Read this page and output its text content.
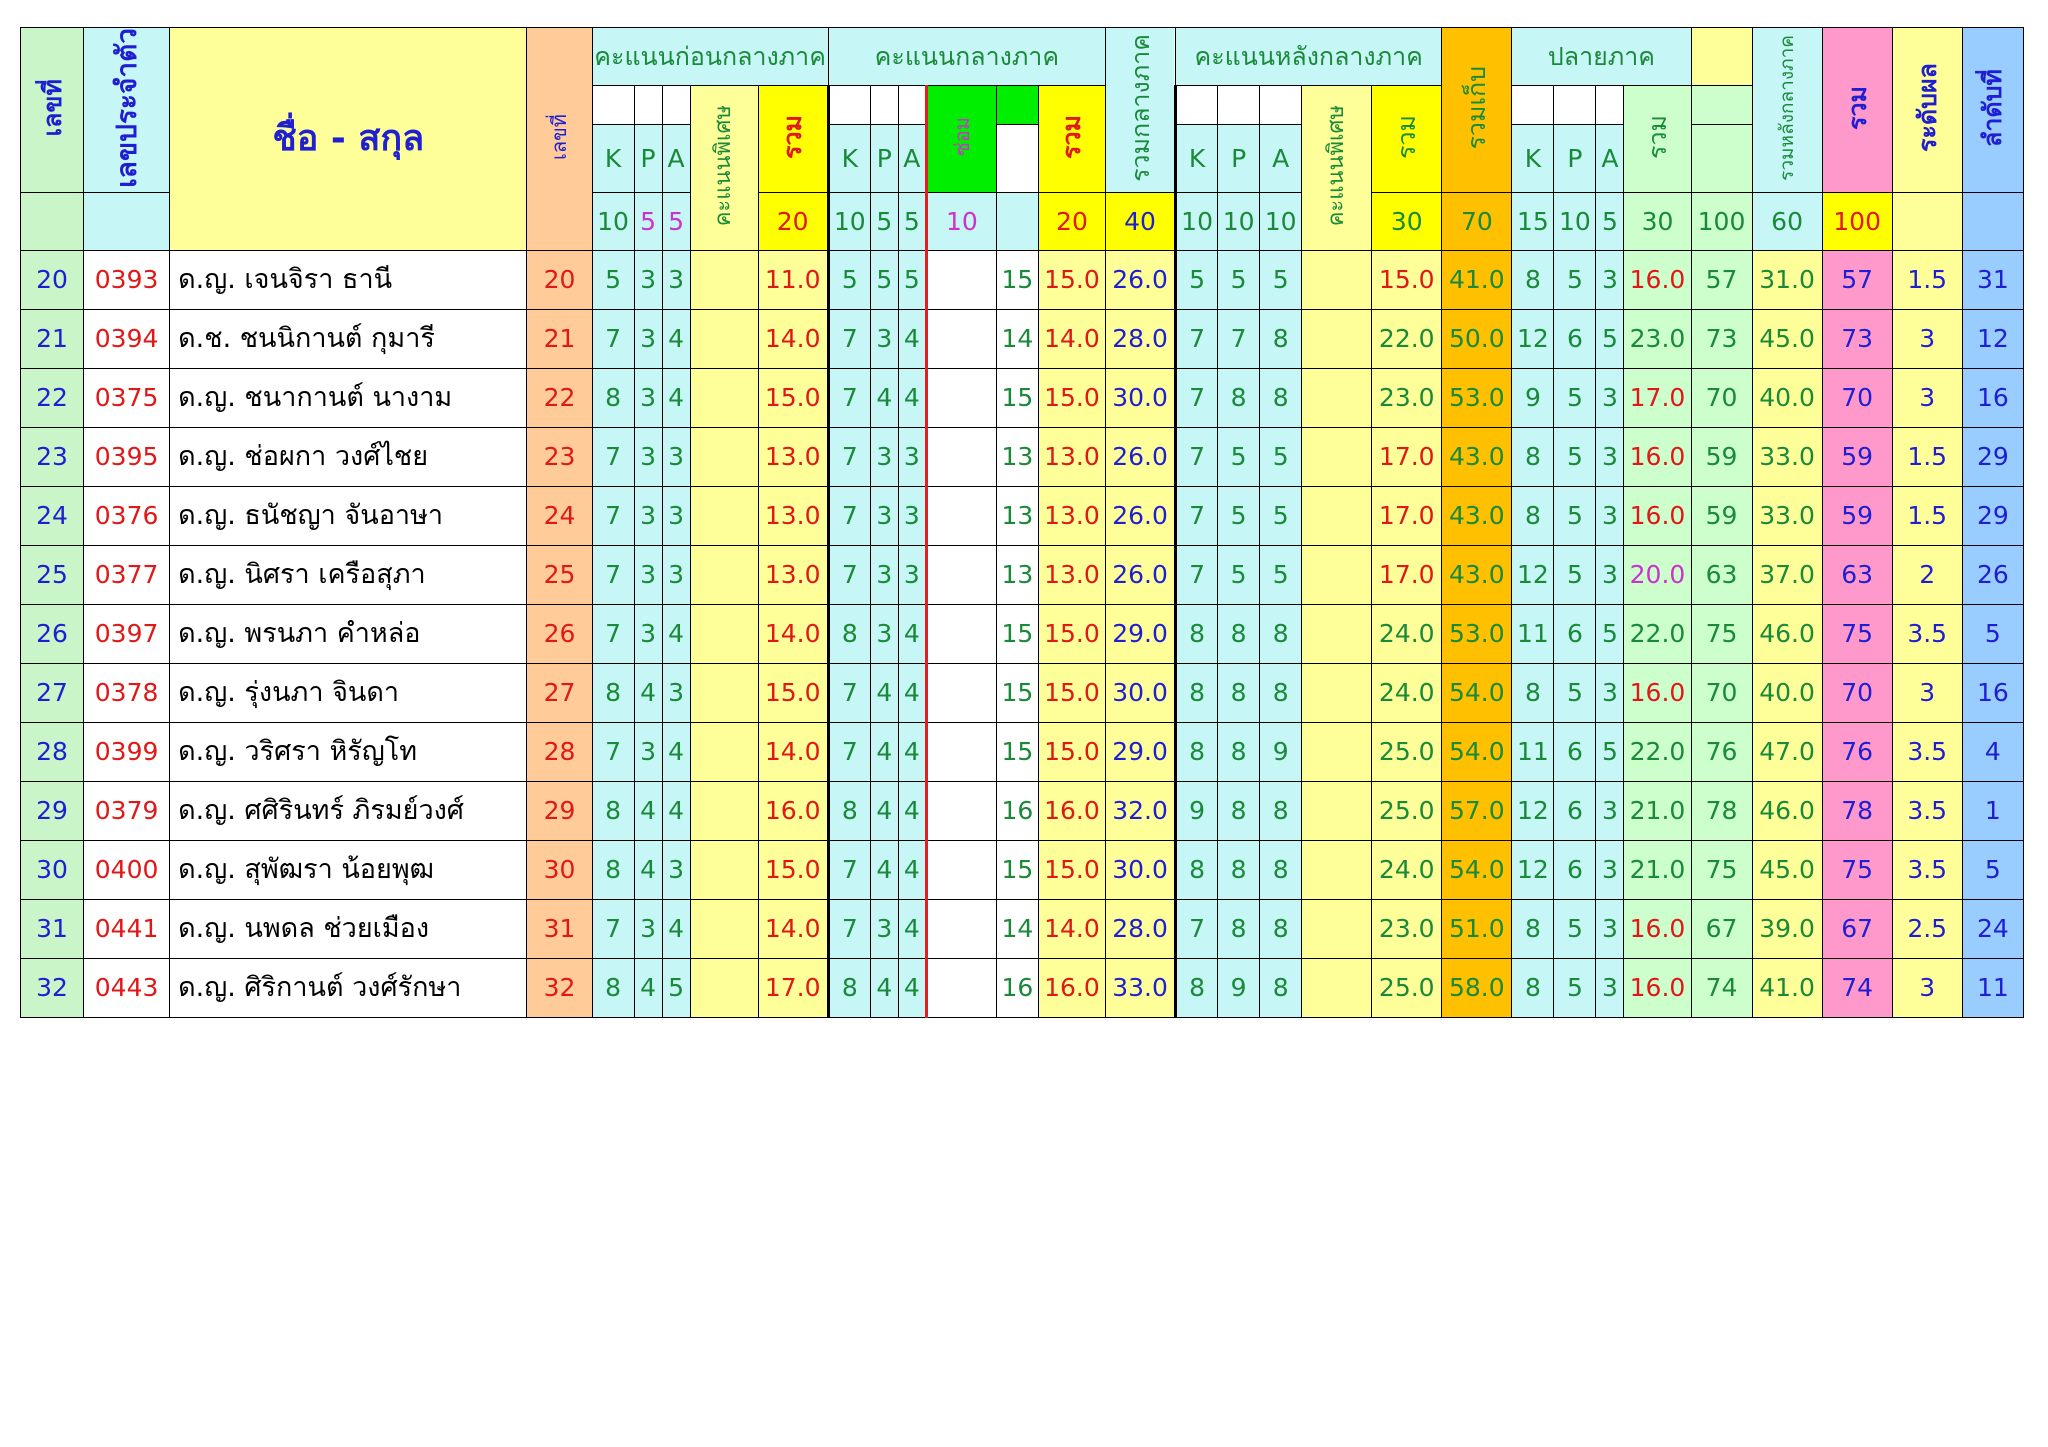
เลขที่	เลขประจำตัว	ชื่อ - สกุล	เลขที่	คะแนนก่อนกลางภาค					คะแนนกลางภาค						รวมกลางภาค	คะแนนหลังกลางภาค					รวมเก็บ	ปลายภาค					รวมหลังกลางภาค	รวม	ระดับผล	ลำดับที่
							คะแนนพิเศษ	รวม				ซ่อม		รวม					คะแนนพิเศษ	รวม					รวม					
				K	P	A			K	P	A					K	P	A				K	P	A						
				10	5	5		20	10	5	5	10		20	40	10	10	10		30	70	15	10	5	30	100	60	100		
20	0393	ด.ญ. เจนจิรา ธานี	20	5	3	3		11.0	5	5	5		15	15.0	26.0	5	5	5		15.0	41.0	8	5	3	16.0	57	31.0	57	1.5	31
21	0394	ด.ช. ชนนิกานต์ กุมารี	21	7	3	4		14.0	7	3	4		14	14.0	28.0	7	7	8		22.0	50.0	12	6	5	23.0	73	45.0	73	3	12
22	0375	ด.ญ. ชนากานต์ นางาม	22	8	3	4		15.0	7	4	4		15	15.0	30.0	7	8	8		23.0	53.0	9	5	3	17.0	70	40.0	70	3	16
23	0395	ด.ญ. ช่อผกา วงศ์ไชย	23	7	3	3		13.0	7	3	3		13	13.0	26.0	7	5	5		17.0	43.0	8	5	3	16.0	59	33.0	59	1.5	29
24	0376	ด.ญ. ธนัชญา จันอาษา	24	7	3	3		13.0	7	3	3		13	13.0	26.0	7	5	5		17.0	43.0	8	5	3	16.0	59	33.0	59	1.5	29
25	0377	ด.ญ. นิศรา เครือสุภา	25	7	3	3		13.0	7	3	3		13	13.0	26.0	7	5	5		17.0	43.0	12	5	3	20.0	63	37.0	63	2	26
26	0397	ด.ญ. พรนภา คำหล่อ	26	7	3	4		14.0	8	3	4		15	15.0	29.0	8	8	8		24.0	53.0	11	6	5	22.0	75	46.0	75	3.5	5
27	0378	ด.ญ. รุ่งนภา จินดา	27	8	4	3		15.0	7	4	4		15	15.0	30.0	8	8	8		24.0	54.0	8	5	3	16.0	70	40.0	70	3	16
28	0399	ด.ญ. วริศรา หิรัญโท	28	7	3	4		14.0	7	4	4		15	15.0	29.0	8	8	9		25.0	54.0	11	6	5	22.0	76	47.0	76	3.5	4
29	0379	ด.ญ. ศศิรินทร์ ภิรมย์วงศ์	29	8	4	4		16.0	8	4	4		16	16.0	32.0	9	8	8		25.0	57.0	12	6	3	21.0	78	46.0	78	3.5	1
30	0400	ด.ญ. สุพัฒรา น้อยพุฒ	30	8	4	3		15.0	7	4	4		15	15.0	30.0	8	8	8		24.0	54.0	12	6	3	21.0	75	45.0	75	3.5	5
31	0441	ด.ญ. นพดล ช่วยเมือง	31	7	3	4		14.0	7	3	4		14	14.0	28.0	7	8	8		23.0	51.0	8	5	3	16.0	67	39.0	67	2.5	24
32	0443	ด.ญ. ศิริกานต์ วงศ์รักษา	32	8	4	5		17.0	8	4	4		16	16.0	33.0	8	9	8		25.0	58.0	8	5	3	16.0	74	41.0	74	3	11
